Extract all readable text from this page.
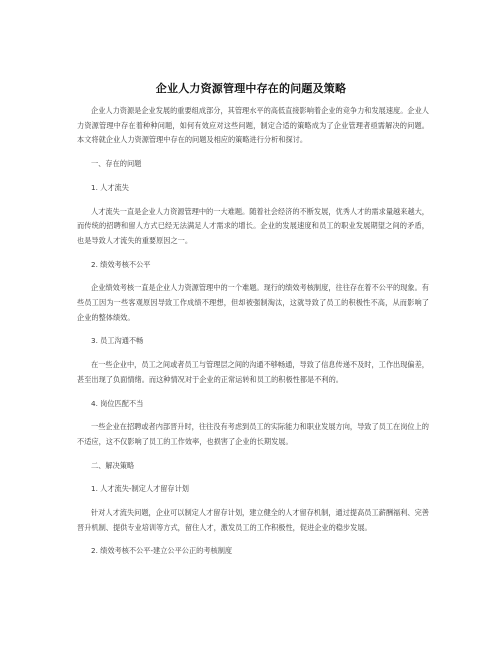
企业人力资源管理中存在的问题及策略

企业人力资源是企业发展的重要组成部分，其管理水平的高低直接影响着企业的竞争力和发展速度。企业人力资源管理中存在着种种问题，如何有效应对这些问题，制定合适的策略成为了企业管理者亟需解决的问题。本文将就企业人力资源管理中存在的问题及相应的策略进行分析和探讨。

一、存在的问题
1. 人才流失

人才流失一直是企业人力资源管理中的一大难题。随着社会经济的不断发展，优秀人才的需求量越来越大，而传统的招聘和留人方式已经无法满足人才需求的增长。企业的发展速度和员工的职业发展期望之间的矛盾，也是导致人才流失的重要原因之一。

2. 绩效考核不公平

企业绩效考核一直是企业人力资源管理中的一个难题。现行的绩效考核制度，往往存在着不公平的现象。有些员工因为一些客观原因导致工作成绩不理想，但却被强制淘汰，这就导致了员工的积极性不高，从而影响了企业的整体绩效。

3. 员工沟通不畅

在一些企业中，员工之间或者员工与管理层之间的沟通不够畅通，导致了信息传递不及时，工作出现偏差，甚至出现了负面情绪。而这种情况对于企业的正常运转和员工的积极性都是不利的。

4. 岗位匹配不当

一些企业在招聘或者内部晋升时，往往没有考虑到员工的实际能力和职业发展方向，导致了员工在岗位上的不适应，这不仅影响了员工的工作效率，也损害了企业的长期发展。

二、解决策略
1. 人才流失-制定人才留存计划

针对人才流失问题，企业可以制定人才留存计划，建立健全的人才留存机制，通过提高员工薪酬福利、完善晋升机制、提供专业培训等方式，留住人才，激发员工的工作积极性，促进企业的稳步发展。

2. 绩效考核不公平-建立公平公正的考核制度
